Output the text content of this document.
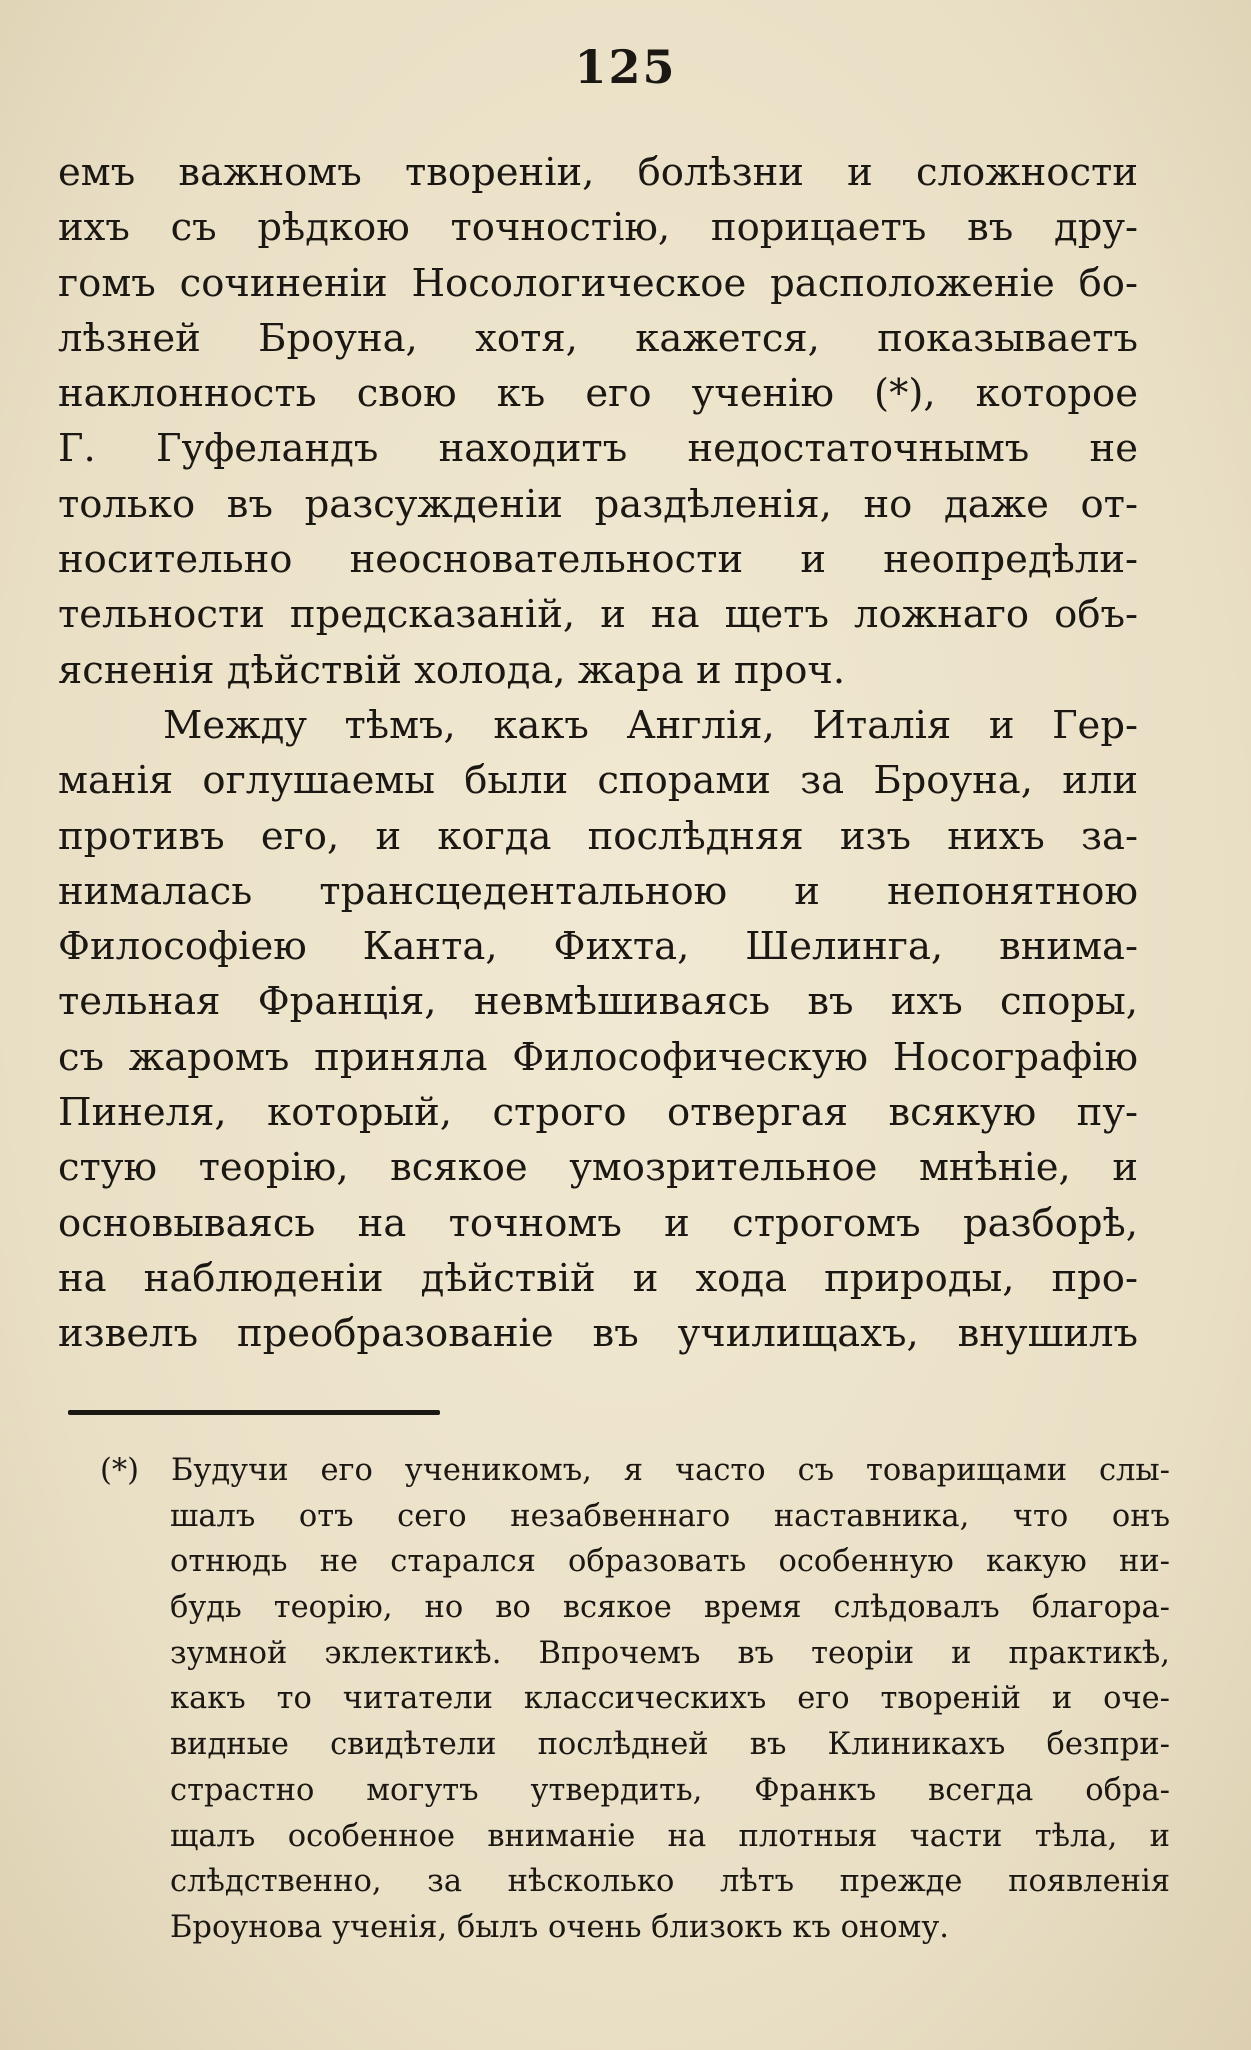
125
емъ важномъ твореніи, болѣзни и сложности
ихъ съ рѣдкою точностію, порицаетъ въ дру-
гомъ сочиненіи Носологическое расположеніе бо-
лѣзней Броуна, хотя, кажется, показываетъ
наклонность свою къ его ученію (*), которое
Г. Гуфеландъ находитъ недостаточнымъ не
только въ разсужденіи раздѣленія, но даже от-
носительно неосновательности и неопредѣли-
тельности предсказаній, и на щетъ ложнаго объ-
ясненія дѣйствій холода, жара и проч.
Между тѣмъ, какъ Англія, Италія и Гер-
манія оглушаемы были спорами за Броуна, или
противъ его, и когда послѣдняя изъ нихъ за-
нималась трансцедентальною и непонятною
Философіею Канта, Фихта, Шелинга, внима-
тельная Франція, невмѣшиваясь въ ихъ споры,
съ жаромъ приняла Философическую Носографію
Пинеля, который, строго отвергая всякую пу-
стую теорію, всякое умозрительное мнѣніе, и
основываясь на точномъ и строгомъ разборѣ,
на наблюденіи дѣйствій и хода природы, про-
извелъ преобразованіе въ училищахъ, внушилъ
(*) Будучи его ученикомъ, я часто съ товарищами слы-
шалъ отъ сего незабвеннаго наставника, что онъ
отнюдь не старался образовать особенную какую ни-
будь теорію, но во всякое время слѣдовалъ благора-
зумной эклектикѣ. Впрочемъ въ теоріи и практикѣ,
какъ то читатели классическихъ его твореній и оче-
видные свидѣтели послѣдней въ Клиникахъ безпри-
страстно могутъ утвердить, Франкъ всегда обра-
щалъ особенное вниманіе на плотныя части тѣла, и
слѣдственно, за нѣсколько лѣтъ прежде появленія
Броунова ученія, былъ очень близокъ къ оному.
